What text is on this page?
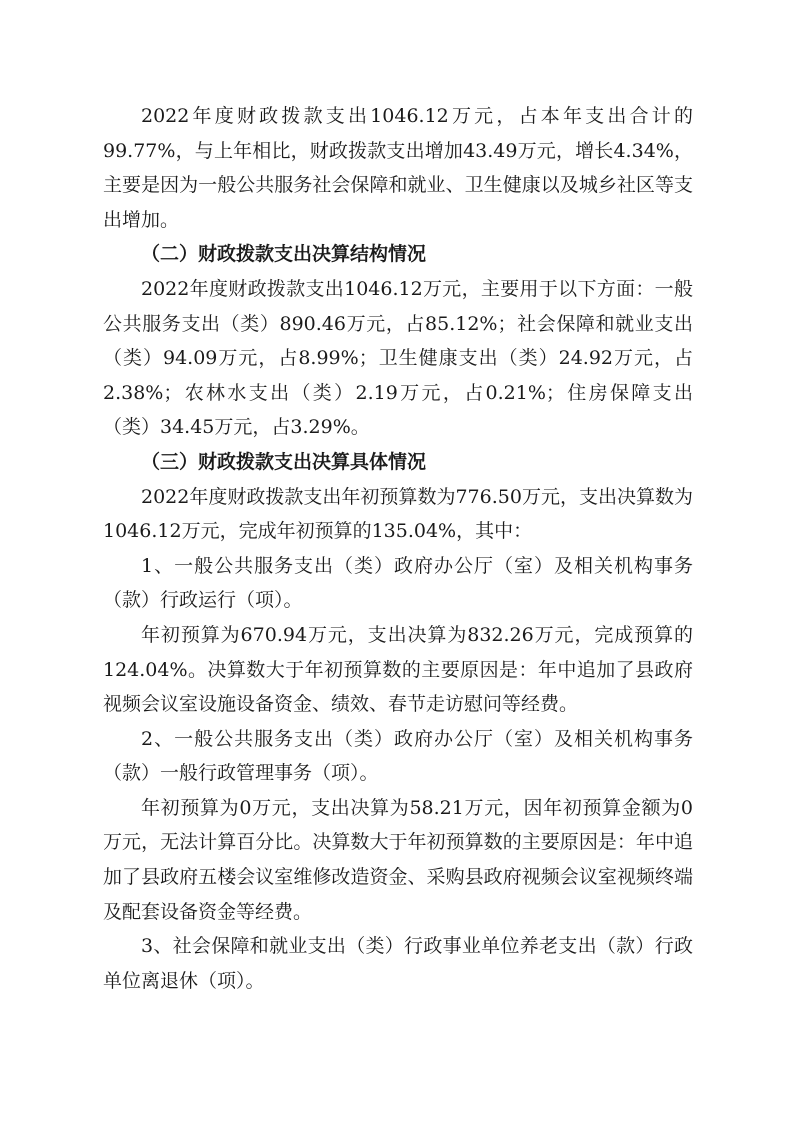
2022年度财政拨款支出1046.12万元，占本年支出合计的99.77%，与上年相比，财政拨款支出增加43.49万元，增长4.34%，主要是因为一般公共服务社会保障和就业、卫生健康以及城乡社区等支出增加。

（二）财政拨款支出决算结构情况

2022年度财政拨款支出1046.12万元，主要用于以下方面：一般公共服务支出（类）890.46万元，占85.12%；社会保障和就业支出（类）94.09万元，占8.99%；卫生健康支出（类）24.92万元，占2.38%；农林水支出（类）2.19万元，占0.21%；住房保障支出（类）34.45万元，占3.29%。

（三）财政拨款支出决算具体情况

2022年度财政拨款支出年初预算数为776.50万元，支出决算数为1046.12万元，完成年初预算的135.04%，其中：

1、一般公共服务支出（类）政府办公厅（室）及相关机构事务（款）行政运行（项）。

年初预算为670.94万元，支出决算为832.26万元，完成预算的124.04%。决算数大于年初预算数的主要原因是：年中追加了县政府视频会议室设施设备资金、绩效、春节走访慰问等经费。

2、一般公共服务支出（类）政府办公厅（室）及相关机构事务（款）一般行政管理事务（项）。

年初预算为0万元，支出决算为58.21万元，因年初预算金额为0万元，无法计算百分比。决算数大于年初预算数的主要原因是：年中追加了县政府五楼会议室维修改造资金、采购县政府视频会议室视频终端及配套设备资金等经费。

3、社会保障和就业支出（类）行政事业单位养老支出（款）行政单位离退休（项）。
